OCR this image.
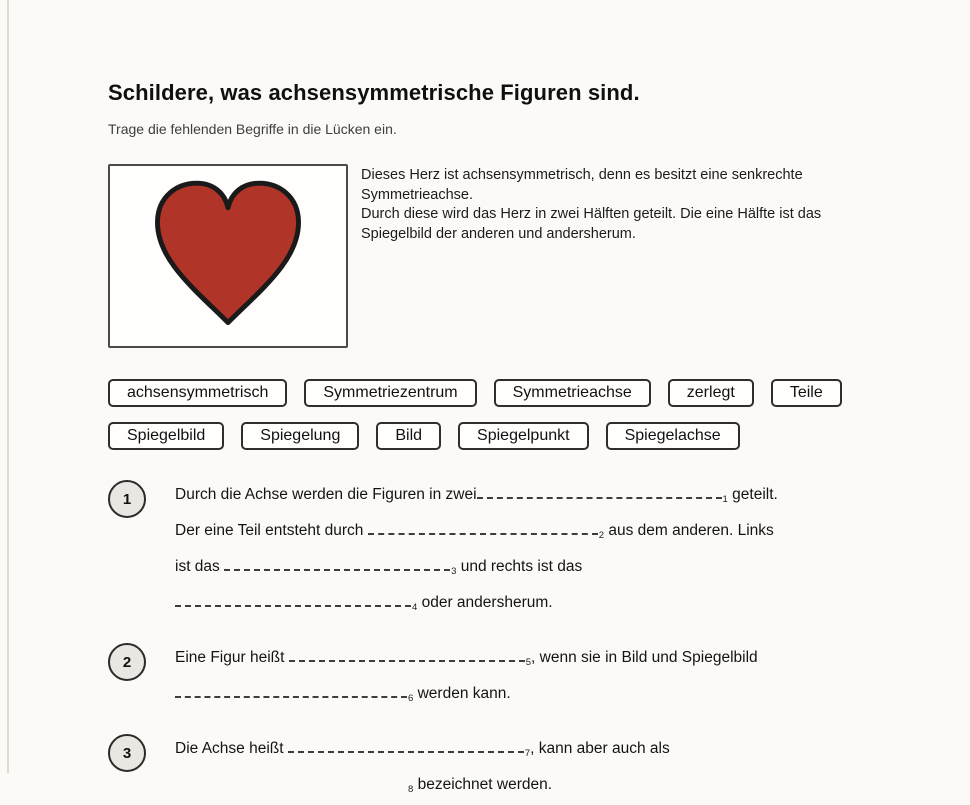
Schildere, was achsensymmetrische Figuren sind.

Trage die fehlenden Begriffe in die Lücken ein.

Dieses Herz ist achsensymmetrisch, denn es besitzt eine senkrechte
Symmetrieachse.
Durch diese wird das Herz in zwei Hälften geteilt. Die eine Hälfte ist das
Spiegelbild der anderen und andersherum.
achsensymmetrisch	Symmetriezentrum	Symmetrieachse	zerlegt	Teile
Spiegelbild	Spiegelung	Bild	Spiegelpunkt	Spiegelachse
1	Durch die Achse werden die Figuren in zwei	1 geteilt.
Der eine Teil entsteht durch	2 aus dem anderen. Links
ist das	3 und rechts ist das
4 oder andersherum.
2	Eine Figur heißt	5, wenn sie in Bild und Spiegelbild
6 werden kann.
3	Die Achse heißt	7, kann aber auch als
8 bezeichnet werden.
